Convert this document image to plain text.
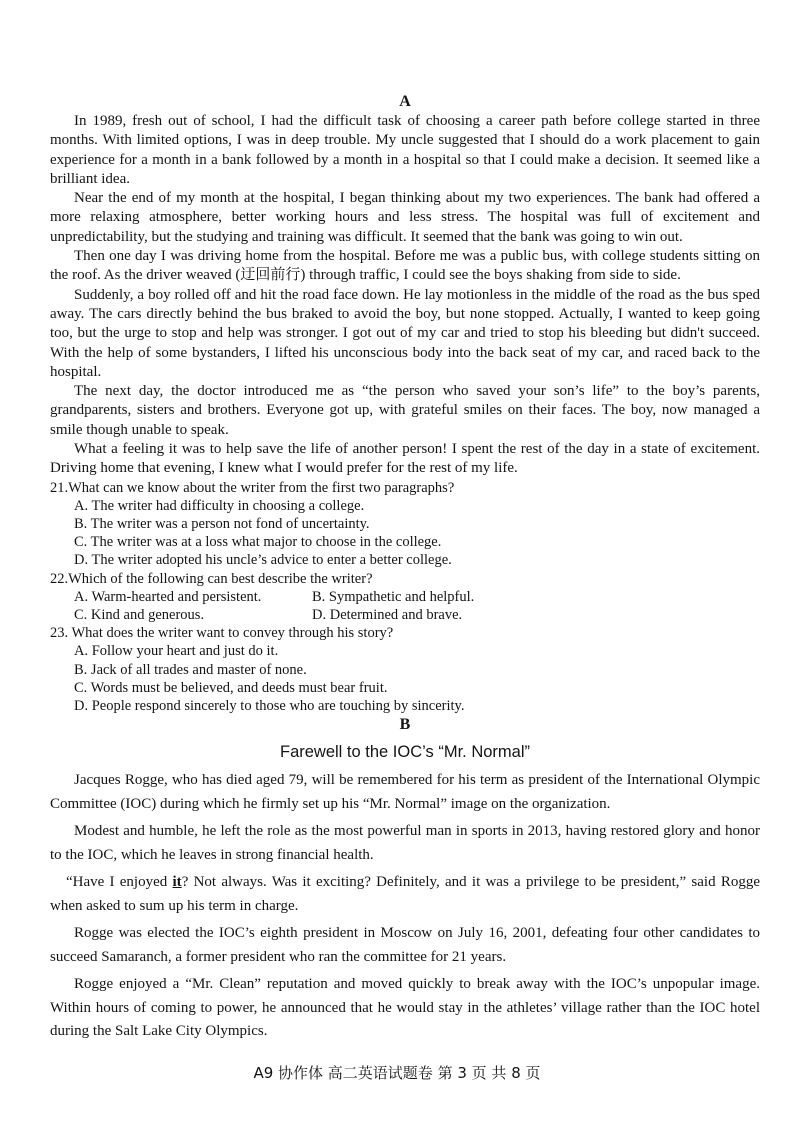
A

In 1989, fresh out of school, I had the difficult task of choosing a career path before college started in three months. With limited options, I was in deep trouble. My uncle suggested that I should do a work placement to gain experience for a month in a bank followed by a month in a hospital so that I could make a decision. It seemed like a brilliant idea.

Near the end of my month at the hospital, I began thinking about my two experiences. The bank had offered a more relaxing atmosphere, better working hours and less stress. The hospital was full of excitement and unpredictability, but the studying and training was difficult. It seemed that the bank was going to win out.

Then one day I was driving home from the hospital. Before me was a public bus, with college students sitting on the roof. As the driver weaved (迂回前行) through traffic, I could see the boys shaking from side to side.

Suddenly, a boy rolled off and hit the road face down. He lay motionless in the middle of the road as the bus sped away. The cars directly behind the bus braked to avoid the boy, but none stopped. Actually, I wanted to keep going too, but the urge to stop and help was stronger. I got out of my car and tried to stop his bleeding but didn't succeed. With the help of some bystanders, I lifted his unconscious body into the back seat of my car, and raced back to the hospital.

The next day, the doctor introduced me as “the person who saved your son’s life” to the boy’s parents, grandparents, sisters and brothers. Everyone got up, with grateful smiles on their faces. The boy, now managed a smile though unable to speak.

What a feeling it was to help save the life of another person! I spent the rest of the day in a state of excitement. Driving home that evening, I knew what I would prefer for the rest of my life.

21.What can we know about the writer from the first two paragraphs?

A. The writer had difficulty in choosing a college.

B. The writer was a person not fond of uncertainty.

C. The writer was at a loss what major to choose in the college.

D. The writer adopted his uncle’s advice to enter a better college.

22.Which of the following can best describe the writer?

A. Warm-hearted and persistent.	B. Sympathetic and helpful.
C. Kind and generous.	D. Determined and brave.

23. What does the writer want to convey through his story?

A. Follow your heart and just do it.

B. Jack of all trades and master of none.

C. Words must be believed, and deeds must bear fruit.

D. People respond sincerely to those who are touching by sincerity.

B
Farewell to the IOC’s “Mr. Normal”

Jacques Rogge, who has died aged 79, will be remembered for his term as president of the International Olympic Committee (IOC) during which he firmly set up his “Mr. Normal” image on the organization.

Modest and humble, he left the role as the most powerful man in sports in 2013, having restored glory and honor to the IOC, which he leaves in strong financial health.

“Have I enjoyed it? Not always. Was it exciting? Definitely, and it was a privilege to be president,” said Rogge when asked to sum up his term in charge.

Rogge was elected the IOC’s eighth president in Moscow on July 16, 2001, defeating four other candidates to succeed Samaranch, a former president who ran the committee for 21 years.

Rogge enjoyed a “Mr. Clean” reputation and moved quickly to break away with the IOC’s unpopular image. Within hours of coming to power, he announced that he would stay in the athletes’ village rather than the IOC hotel during the Salt Lake City Olympics.

A9 协作体 高二英语试题卷 第 3 页 共 8 页
